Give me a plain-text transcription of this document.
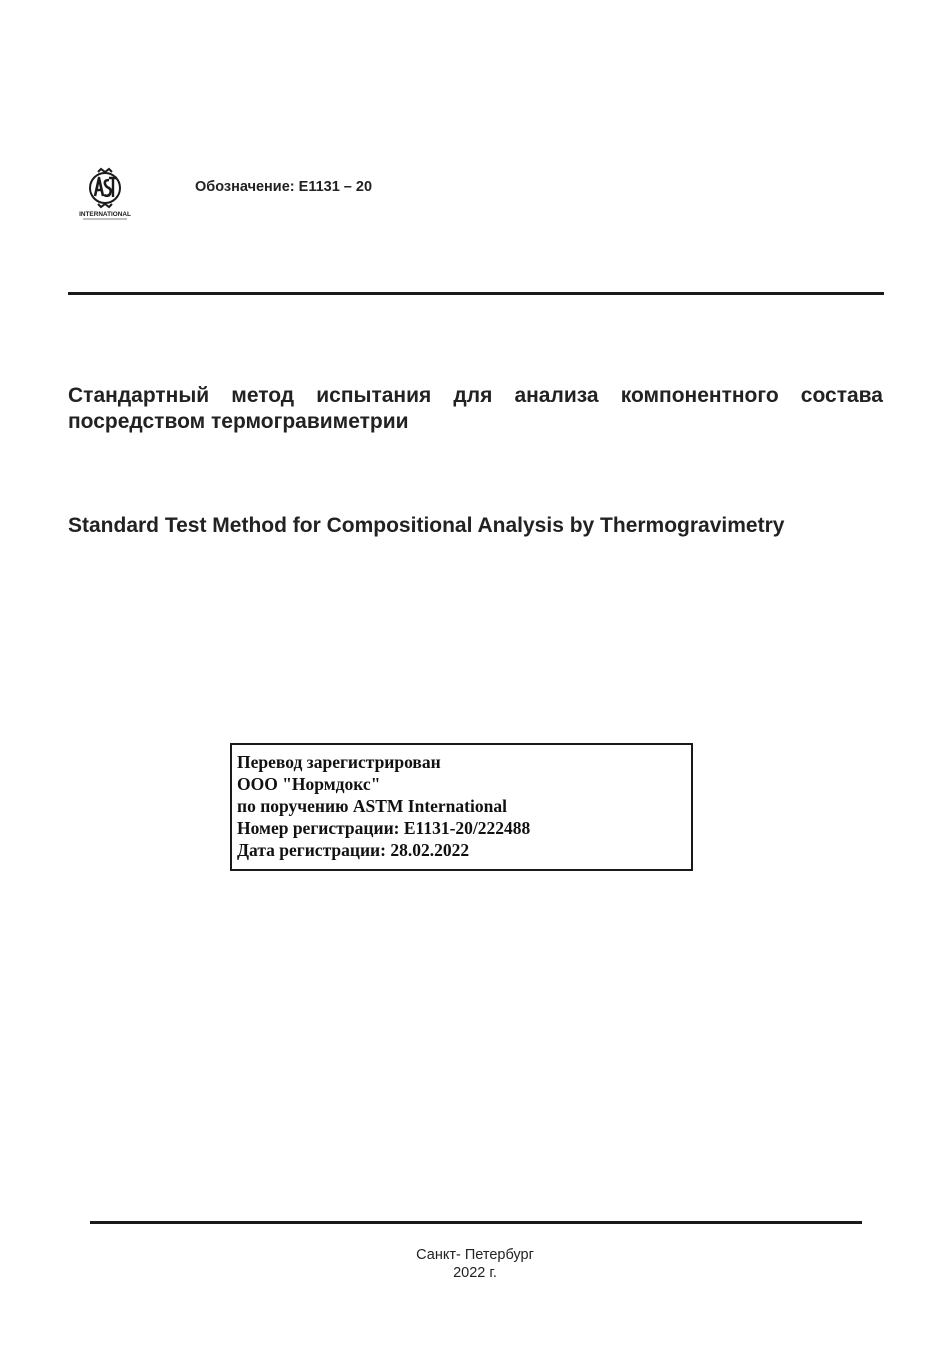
INTERNATIONAL
Обозначение: E1131 – 20
Стандартный метод испытания для анализа компонентного состава посредством термогравиметрии
Standard Test Method for Compositional Analysis by Thermogravimetry
Перевод зарегистрирован
ООО "Нормдокс"
по поручению ASTM International
Номер регистрации: E1131-20/222488
Дата регистрации: 28.02.2022
Санкт- Петербург
2022 г.
